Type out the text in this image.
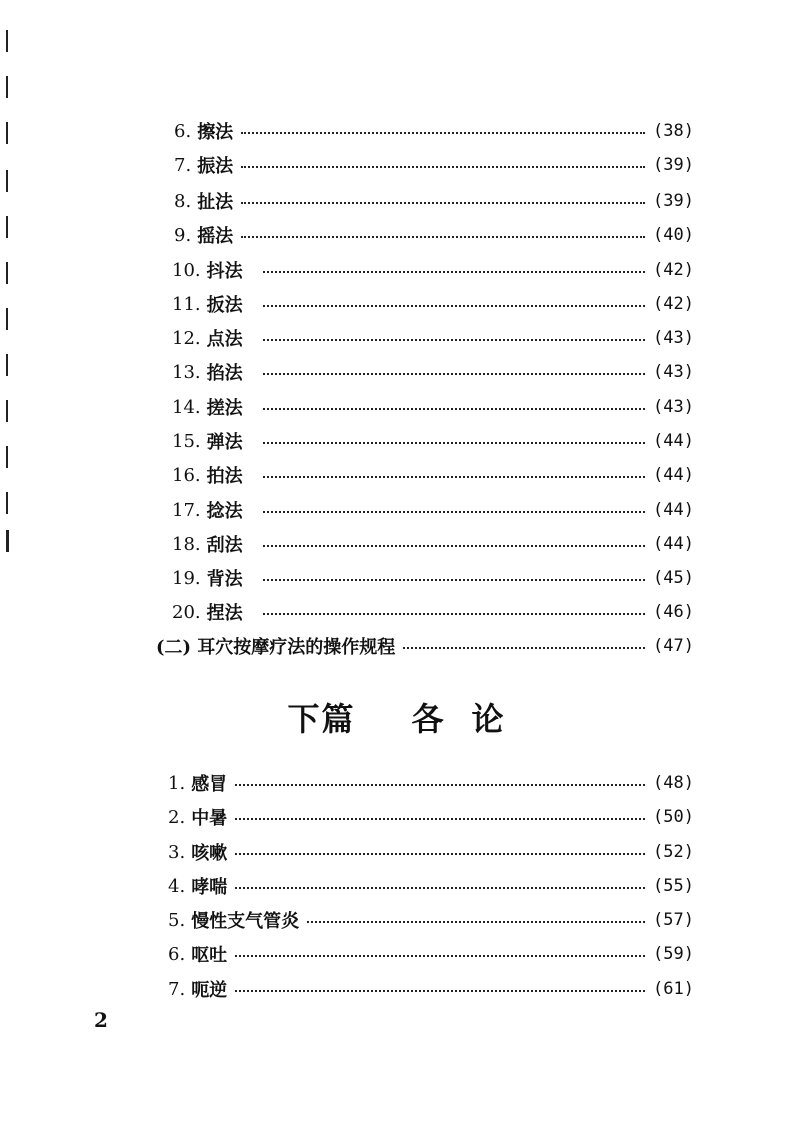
6. 擦法	(38)
7. 振法	(39)
8. 扯法	(39)
9. 摇法	(40)
10. 抖法	(42)
11. 扳法	(42)
12. 点法	(43)
13. 掐法	(43)
14. 搓法	(43)
15. 弹法	(44)
16. 拍法	(44)
17. 捻法	(44)
18. 刮法	(44)
19. 背法	(45)
20. 捏法	(46)
(二) 耳穴按摩疗法的操作规程	(47)
下篇 各 论
1. 感冒	(48)
2. 中暑	(50)
3. 咳嗽	(52)
4. 哮喘	(55)
5. 慢性支气管炎	(57)
6. 呕吐	(59)
7. 呃逆	(61)
2
